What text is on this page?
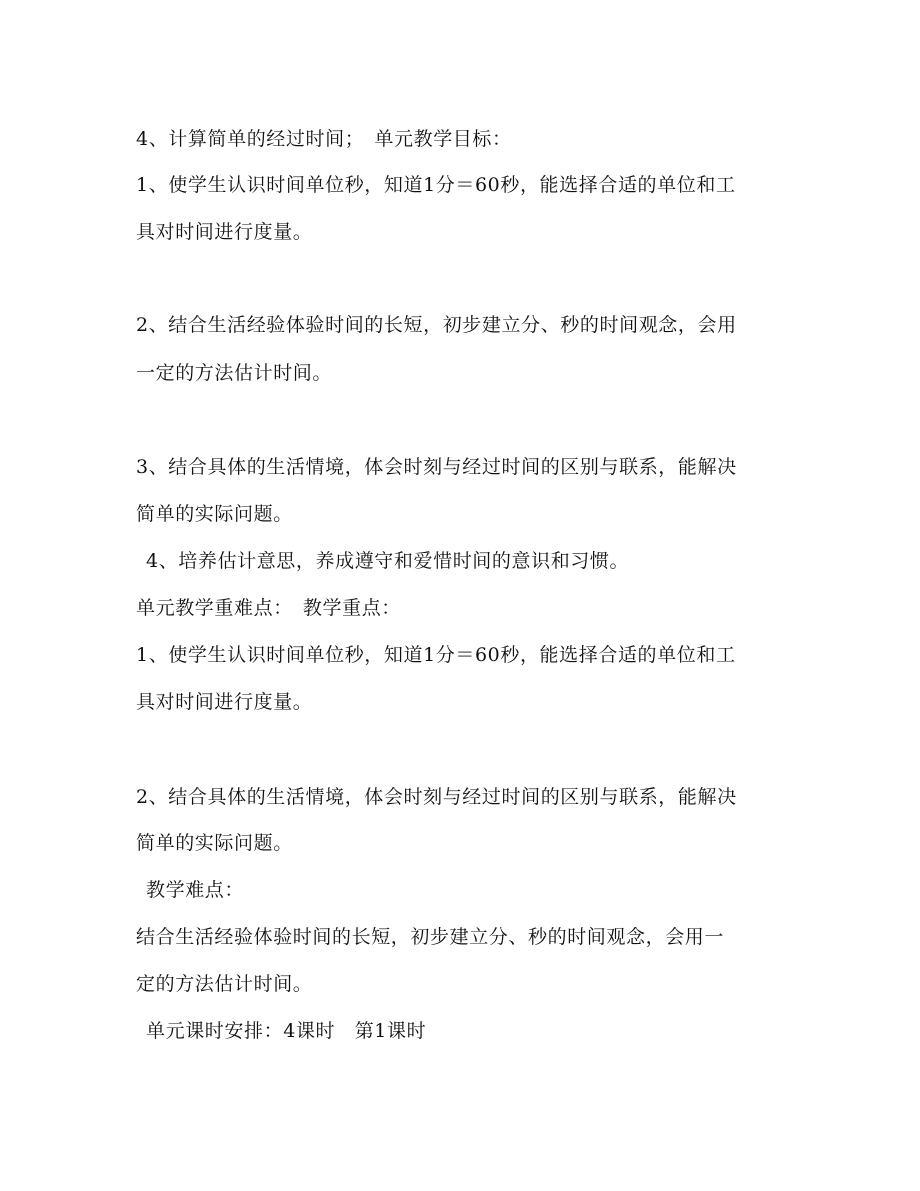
4、计算简单的经过时间；　单元教学目标：
1、使学生认识时间单位秒，知道1分＝60秒，能选择合适的单位和工
具对时间进行度量。
2、结合生活经验体验时间的长短，初步建立分、秒的时间观念，会用
一定的方法估计时间。
3、结合具体的生活情境，体会时刻与经过时间的区别与联系，能解决
简单的实际问题。
4、培养估计意思，养成遵守和爱惜时间的意识和习惯。
单元教学重难点：　教学重点：
1、使学生认识时间单位秒，知道1分＝60秒，能选择合适的单位和工
具对时间进行度量。
2、结合具体的生活情境，体会时刻与经过时间的区别与联系，能解决
简单的实际问题。
教学难点：
结合生活经验体验时间的长短，初步建立分、秒的时间观念，会用一
定的方法估计时间。
单元课时安排：4课时　第1课时
